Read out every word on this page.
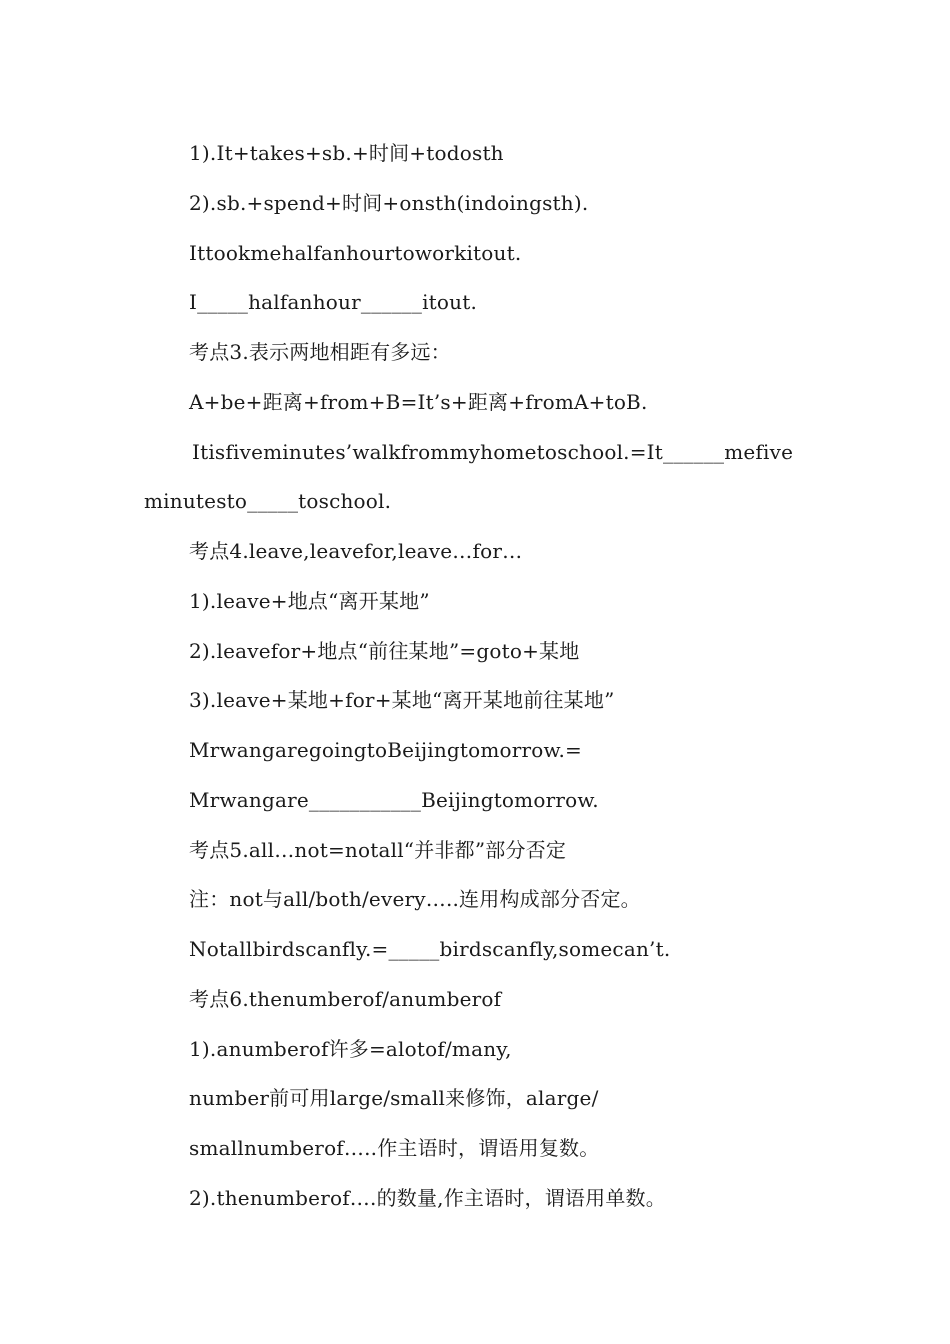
1).It+takes+sb.+时间+todosth
2).sb.+spend+时间+onsth(indoingsth).
Ittookmehalfanhourtoworkitout.
I_____halfanhour______itout.
考点3.表示两地相距有多远：
A+be+距离+from+B=It’s+距离+fromA+toB.
Itisfiveminutes’walkfrommyhometoschool.=It______mefive
minutesto_____toschool.
考点4.leave,leavefor,leave…for…
1).leave+地点“离开某地”
2).leavefor+地点“前往某地”=goto+某地
3).leave+某地+for+某地“离开某地前往某地”
MrwangaregoingtoBeijingtomorrow.=
Mrwangare___________Beijingtomorrow.
考点5.all…not=notall“并非都”部分否定
注：not与all/both/every…..连用构成部分否定。
Notallbirdscanfly.=_____birdscanfly,somecan’t.
考点6.thenumberof/anumberof
1).anumberof许多=alotof/many,
number前可用large/small来修饰，alarge/
smallnumberof…..作主语时，谓语用复数。
2).thenumberof….的数量,作主语时，谓语用单数。
